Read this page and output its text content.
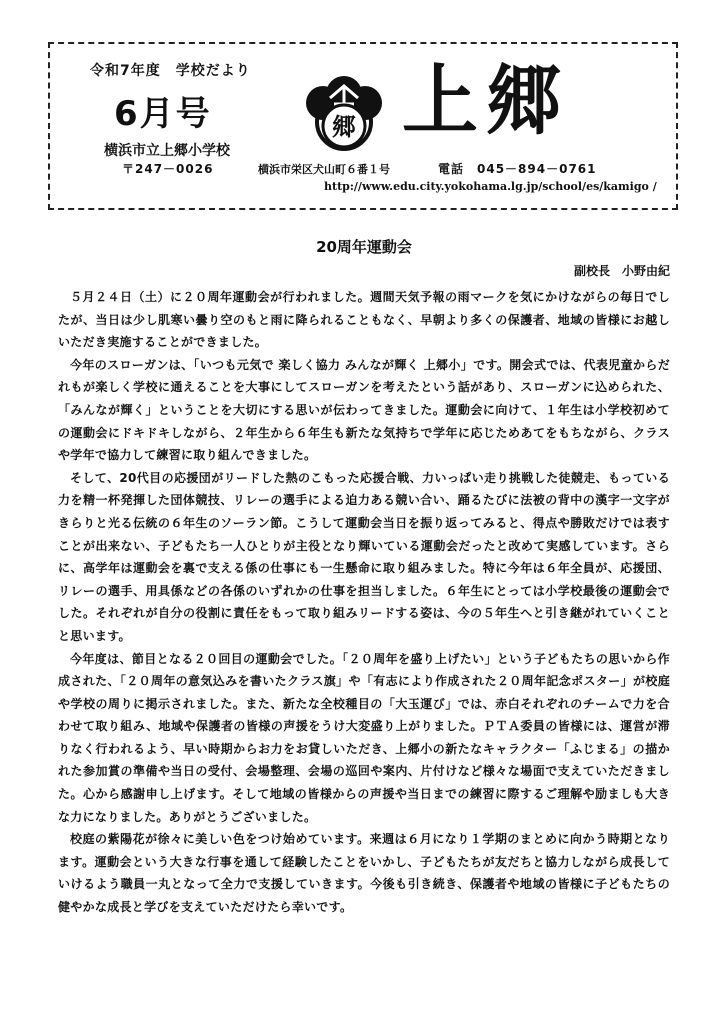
令和7年度　学校だより
6月号
横浜市立上郷小学校
〒247－0026	横浜市栄区犬山町６番１号	電話　045－894－0761
http://www.edu.city.yokohama.lg.jp/school/es/kamigo /
郷 上郷
20周年運動会
副校長　小野由紀

５月２４日（土）に２０周年運動会が行われました。週間天気予報の雨マークを気にかけながらの毎日でしたが、当日は少し肌寒い曇り空のもと雨に降られることもなく、早朝より多くの保護者、地域の皆様にお越しいただき実施することができました。

今年のスローガンは、「いつも元気で 楽しく協力 みんなが輝く 上郷小」です。開会式では、代表児童からだれもが楽しく学校に通えることを大事にしてスローガンを考えたという話があり、スローガンに込められた、「みんなが輝く」ということを大切にする思いが伝わってきました。運動会に向けて、１年生は小学校初めての運動会にドキドキしながら、２年生から６年生も新たな気持ちで学年に応じためあてをもちながら、クラスや学年で協力して練習に取り組んできました。

そして、20代目の応援団がリードした熱のこもった応援合戦、力いっぱい走り挑戦した徒競走、もっている力を精一杯発揮した団体競技、リレーの選手による迫力ある競い合い、踊るたびに法被の背中の漢字一文字がきらりと光る伝統の６年生のソーラン節。こうして運動会当日を振り返ってみると、得点や勝敗だけでは表すことが出来ない、子どもたち一人ひとりが主役となり輝いている運動会だったと改めて実感しています。さらに、高学年は運動会を裏で支える係の仕事にも一生懸命に取り組みました。特に今年は６年全員が、応援団、リレーの選手、用具係などの各係のいずれかの仕事を担当しました。６年生にとっては小学校最後の運動会でした。それぞれが自分の役割に責任をもって取り組みリードする姿は、今の５年生へと引き継がれていくことと思います。

今年度は、節目となる２０回目の運動会でした。「２０周年を盛り上げたい」という子どもたちの思いから作成された、「２０周年の意気込みを書いたクラス旗」や「有志により作成された２０周年記念ポスター」が校庭や学校の周りに掲示されました。また、新たな全校種目の「大玉運び」では、赤白それぞれのチームで力を合わせて取り組み、地域や保護者の皆様の声援をうけ大変盛り上がりました。ＰＴＡ委員の皆様には、運営が滞りなく行われるよう、早い時期からお力をお貸しいただき、上郷小の新たなキャラクター「ふじまる」の描かれた参加賞の準備や当日の受付、会場整理、会場の巡回や案内、片付けなど様々な場面で支えていただきました。心から感謝申し上げます。そして地域の皆様からの声援や当日までの練習に際するご理解や励ましも大きな力になりました。ありがとうございました。

校庭の紫陽花が徐々に美しい色をつけ始めています。来週は６月になり１学期のまとめに向かう時期となります。運動会という大きな行事を通して経験したことをいかし、子どもたちが友だちと協力しながら成長していけるよう職員一丸となって全力で支援していきます。今後も引き続き、保護者や地域の皆様に子どもたちの健やかな成長と学びを支えていただけたら幸いです。
